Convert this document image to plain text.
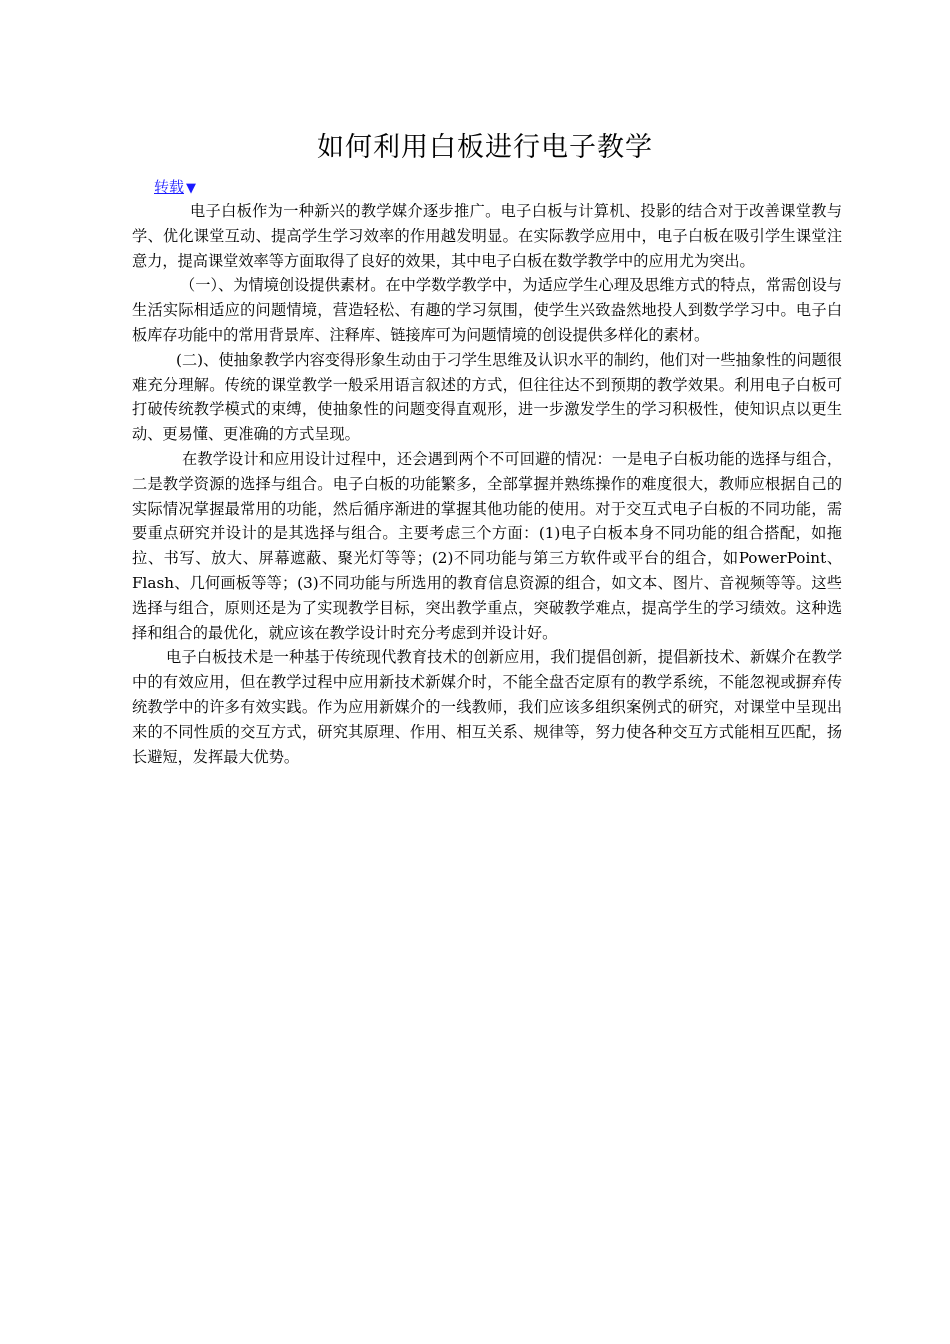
如何利用白板进行电子教学
转载 ▼

电子白板作为一种新兴的教学媒介逐步推广。电子白板与计算机、投影的结合对于改善课堂教与学、优化课堂互动、提高学生学习效率的作用越发明显。在实际教学应用中，电子白板在吸引学生课堂注意力，提高课堂效率等方面取得了良好的效果，其中电子白板在数学教学中的应用尤为突出。

（一）、为情境创设提供素材。在中学数学教学中，为适应学生心理及思维方式的特点，常需创设与生活实际相适应的问题情境，营造轻松、有趣的学习氛围，使学生兴致盎然地投人到数学学习中。电子白板库存功能中的常用背景库、注释库、链接库可为问题情境的创设提供多样化的素材。

(二)、使抽象教学内容变得形象生动由于刁学生思维及认识水平的制约，他们对一些抽象性的问题很难充分理解。传统的课堂教学一般采用语言叙述的方式，但往往达不到预期的教学效果。利用电子白板可打破传统教学模式的束缚，使抽象性的问题变得直观形，进一步激发学生的学习积极性，使知识点以更生动、更易懂、更准确的方式呈现。

在教学设计和应用设计过程中，还会遇到两个不可回避的情况：一是电子白板功能的选择与组合，二是教学资源的选择与组合。电子白板的功能繁多，全部掌握并熟练操作的难度很大，教师应根据自己的实际情况掌握最常用的功能，然后循序渐进的掌握其他功能的使用。对于交互式电子白板的不同功能，需要重点研究并设计的是其选择与组合。主要考虑三个方面：(1)电子白板本身不同功能的组合搭配，如拖拉、书写、放大、屏幕遮蔽、聚光灯等等；(2)不同功能与第三方软件或平台的组合，如PowerPoint、Flash、几何画板等等；(3)不同功能与所选用的教育信息资源的组合，如文本、图片、音视频等等。这些选择与组合，原则还是为了实现教学目标，突出教学重点，突破教学难点，提高学生的学习绩效。这种选择和组合的最优化，就应该在教学设计时充分考虑到并设计好。

电子白板技术是一种基于传统现代教育技术的创新应用，我们提倡创新，提倡新技术、新媒介在教学中的有效应用，但在教学过程中应用新技术新媒介时，不能全盘否定原有的教学系统，不能忽视或摒弃传统教学中的许多有效实践。作为应用新媒介的一线教师，我们应该多组织案例式的研究，对课堂中呈现出来的不同性质的交互方式，研究其原理、作用、相互关系、规律等，努力使各种交互方式能相互匹配，扬长避短，发挥最大优势。
